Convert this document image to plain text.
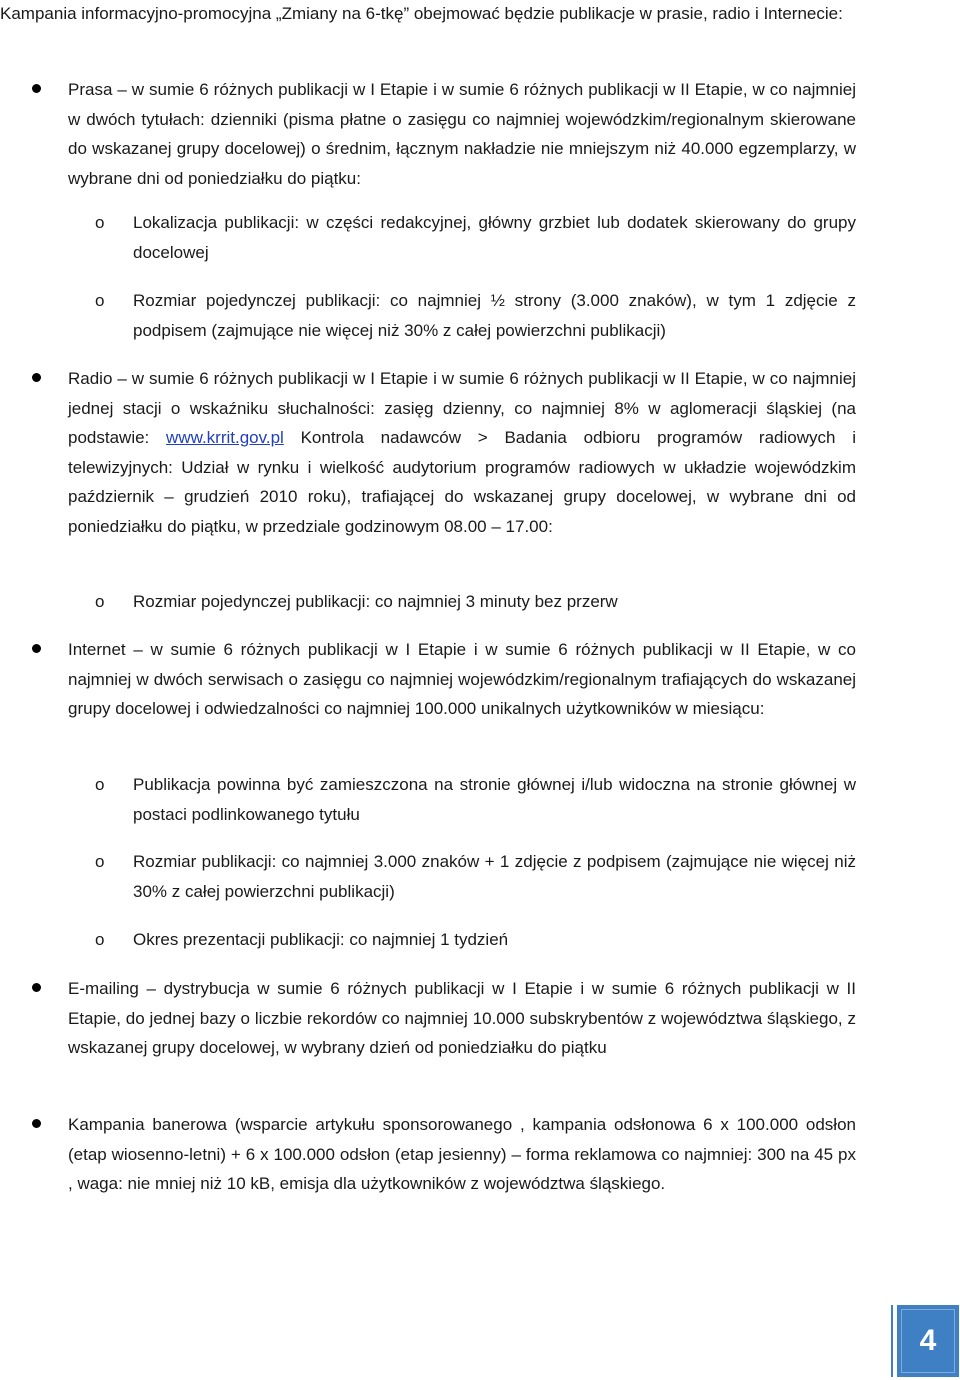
Kampania informacyjno-promocyjna „Zmiany na 6-tkę” obejmować będzie publikacje w prasie, radio i Internecie:

Prasa – w sumie 6 różnych publikacji w I Etapie i w sumie 6 różnych publikacji w II Etapie, w co najmniej w dwóch tytułach: dzienniki (pisma płatne o zasięgu co najmniej wojewódzkim/regionalnym skierowane do wskazanej grupy docelowej) o średnim, łącznym nakładzie nie mniejszym niż 40.000 egzemplarzy, w wybrane dni od poniedziałku do piątku:

o Lokalizacja publikacji: w części redakcyjnej, główny grzbiet lub dodatek skierowany do grupy docelowej

o Rozmiar pojedynczej publikacji: co najmniej ½ strony (3.000 znaków), w tym 1 zdjęcie z podpisem (zajmujące nie więcej niż 30% z całej powierzchni publikacji)

Radio – w sumie 6 różnych publikacji w I Etapie i w sumie 6 różnych publikacji w II Etapie, w co najmniej jednej stacji o wskaźniku słuchalności: zasięg dzienny, co najmniej 8% w aglomeracji śląskiej (na podstawie: www.krrit.gov.pl Kontrola nadawców > Badania odbioru programów radiowych i telewizyjnych: Udział w rynku i wielkość audytorium programów radiowych w układzie wojewódzkim październik – grudzień 2010 roku), trafiającej do wskazanej grupy docelowej, w wybrane dni od poniedziałku do piątku, w przedziale godzinowym 08.00 – 17.00:

o Rozmiar pojedynczej publikacji: co najmniej 3 minuty bez przerw

Internet – w sumie 6 różnych publikacji w I Etapie i w sumie 6 różnych publikacji w II Etapie, w co najmniej w dwóch serwisach o zasięgu co najmniej wojewódzkim/regionalnym trafiających do wskazanej grupy docelowej i odwiedzalności co najmniej 100.000 unikalnych użytkowników w miesiącu:

o Publikacja powinna być zamieszczona na stronie głównej i/lub widoczna na stronie głównej w postaci podlinkowanego tytułu

o Rozmiar publikacji: co najmniej 3.000 znaków + 1 zdjęcie z podpisem (zajmujące nie więcej niż 30% z całej powierzchni publikacji)

o Okres prezentacji publikacji: co najmniej 1 tydzień

E-mailing – dystrybucja w sumie 6 różnych publikacji w I Etapie i w sumie 6 różnych publikacji w II Etapie, do jednej bazy o liczbie rekordów co najmniej 10.000 subskrybentów z województwa śląskiego, z wskazanej grupy docelowej, w wybrany dzień od poniedziałku do piątku

Kampania banerowa (wsparcie artykułu sponsorowanego , kampania odsłonowa 6 x 100.000 odsłon (etap wiosenno-letni) + 6 x 100.000 odsłon (etap jesienny) – forma reklamowa co najmniej: 300 na 45 px , waga: nie mniej niż 10 kB, emisja dla użytkowników z województwa śląskiego.

4
